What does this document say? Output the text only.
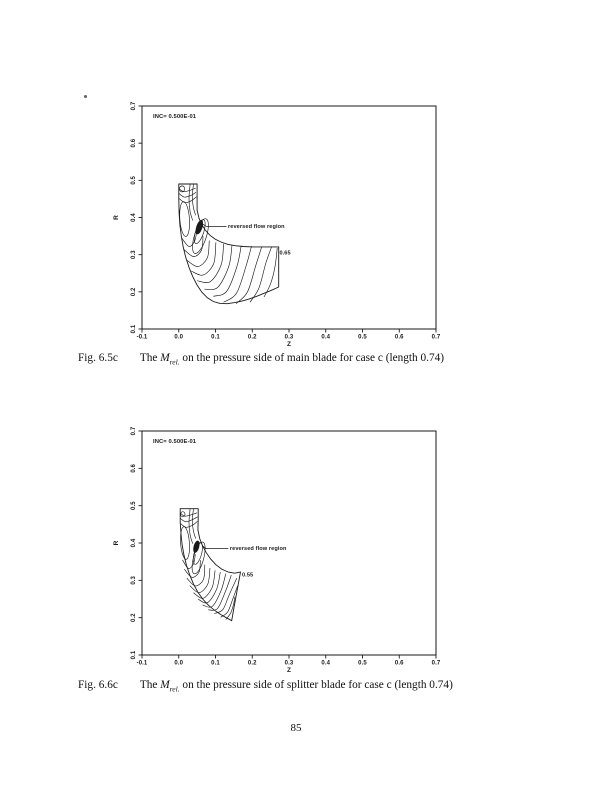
-0.1	0.0	0.1	0.2	0.3	0.4	0.5	0.6	0.7
0.1
0.2
0.3
0.4
0.5
0.6
0.7
Z
R
INC= 0.500E-01
reversed flow region
0.65

Fig. 6.5c The $M_{rel.}$ on the pressure side of main blade for case c (length 0.74)

-0.1	0.0	0.1	0.2	0.3	0.4	0.5	0.6	0.7
0.1
0.2
0.3
0.4
0.5
0.6
0.7
Z
R
INC= 0.500E-01
reversed flow region
0.55

Fig. 6.6c The $M_{rel.}$ on the pressure side of splitter blade for case c (length 0.74)

85
